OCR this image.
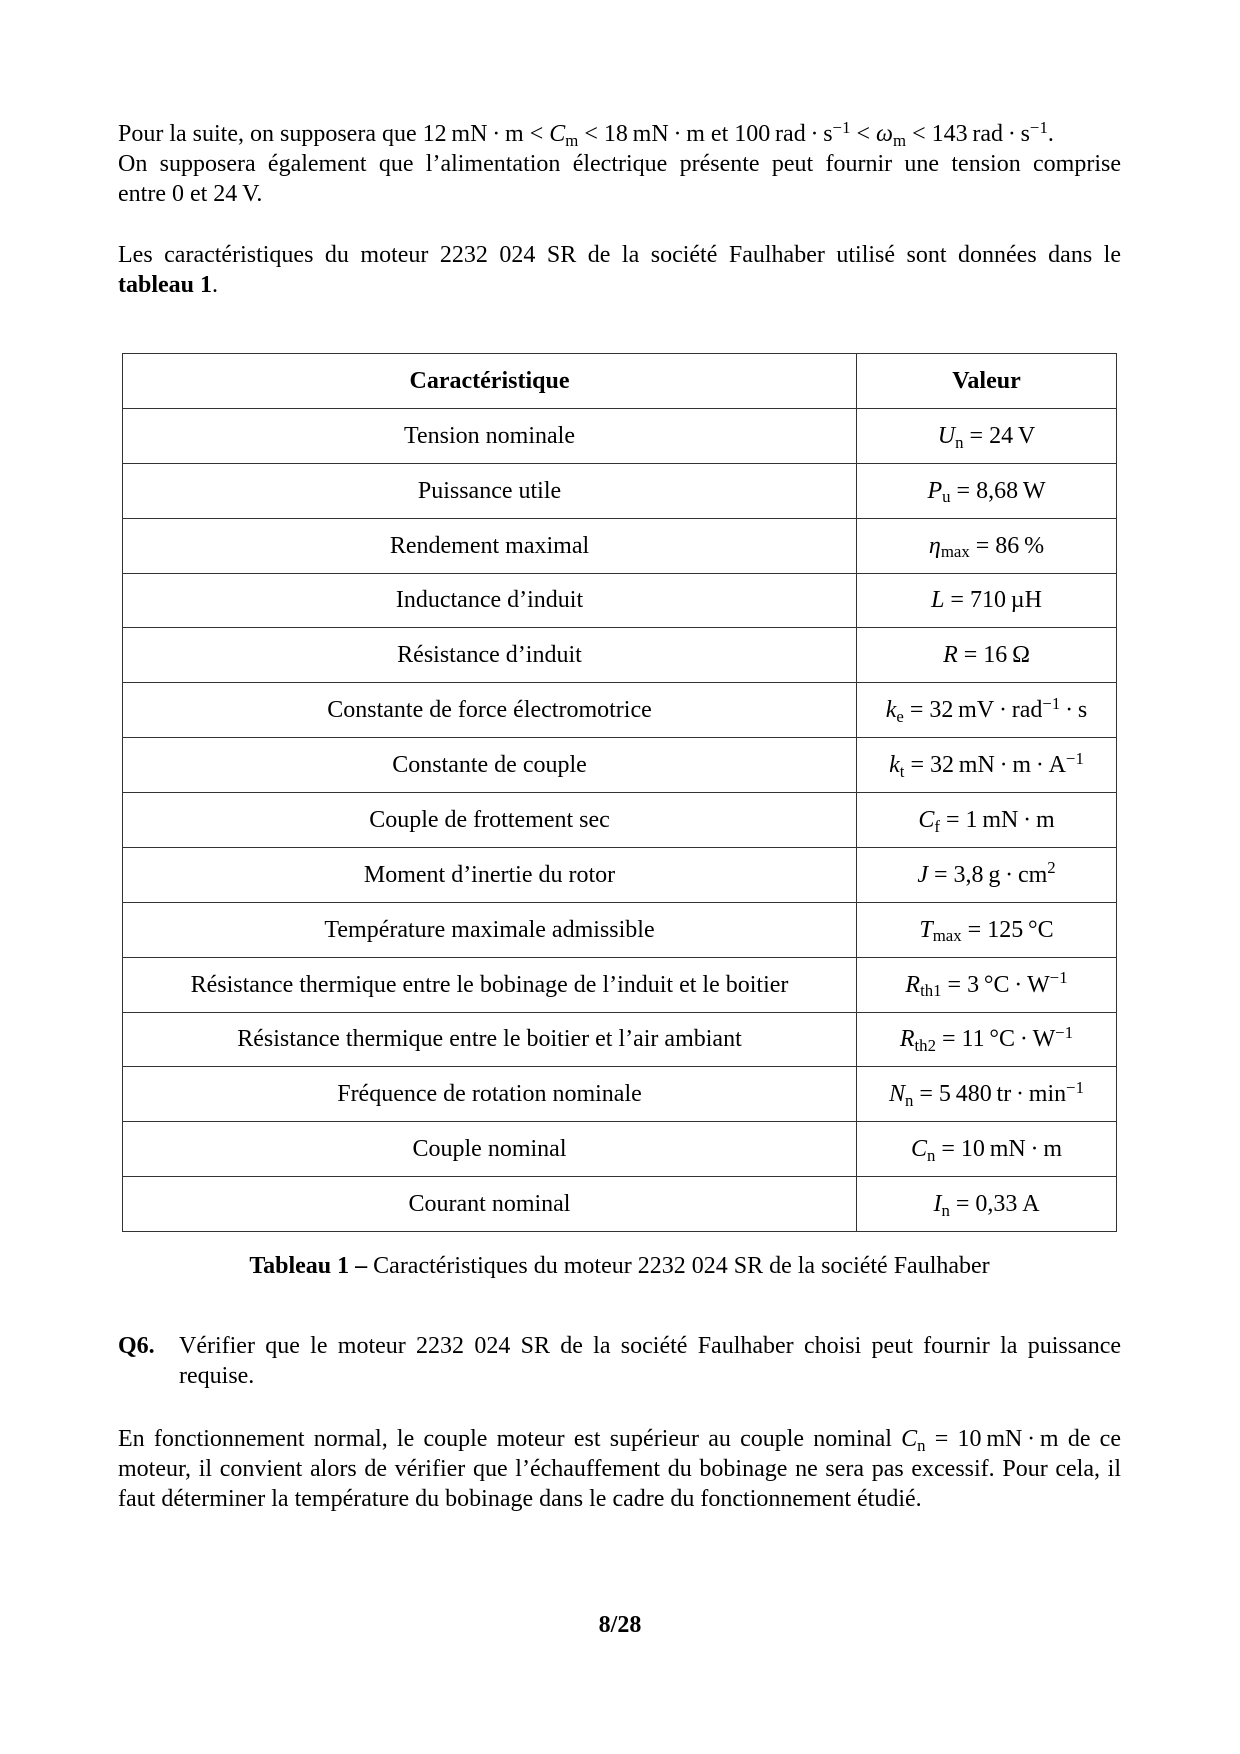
Pour la suite, on supposera que 12 mN · $m < C_m < 18$ mN · m et 100 rad · $s^{-1} < \omega_m < 143$ rad · $s^{-1}$.
On supposera également que l’alimentation électrique présente peut fournir une tension comprise
entre 0 et 24 V.
Les caractéristiques du moteur 2232 024 SR de la société Faulhaber utilisé sont données dans le
tableau 1.
Caractéristique	Valeur
Tension nominale	$U_n = 24$ V
Puissance utile	$P_u = 8,68$ W
Rendement maximal	$\eta_{max} = 86$ %
Inductance d’induit	L = 710 µH
Résistance d’induit	R = 16 Ω
Constante de force électromotrice	$k_e = 32$ mV · rad$^{-1}$ · s
Constante de couple	$k_t = 32$ mN · $m \cdot A^{-1}$
Couple de frottement sec	$C_f = 1$ mN · m
Moment d’inertie du rotor	J = 3,8 $g \cdot cm^2$
Température maximale admissible	$T_{max} = 125$ °C
Résistance thermique entre le bobinage de l’induit et le boitier	$R_{th1} = 3$ $^\circ C \cdot W^{-1}$
Résistance thermique entre le boitier et l’air ambiant	$R_{th2} = 11$ $^\circ C \cdot W^{-1}$
Fréquence de rotation nominale	$N_n = 5$ 480 tr · $\min^{-1}$
Couple nominal	$C_n = 10$ mN · m
Courant nominal	$I_n = 0,33$ A
Tableau 1 – Caractéristiques du moteur 2232 024 SR de la société Faulhaber
Q6. Vérifier que le moteur 2232 024 SR de la société Faulhaber choisi peut fournir la puissance
requise.
En fonctionnement normal, le couple moteur est supérieur au couple nominal $C_n = 10$ mN · m de ce
moteur, il convient alors de vérifier que l’échauffement du bobinage ne sera pas excessif. Pour cela, il
faut déterminer la température du bobinage dans le cadre du fonctionnement étudié.
8/28
